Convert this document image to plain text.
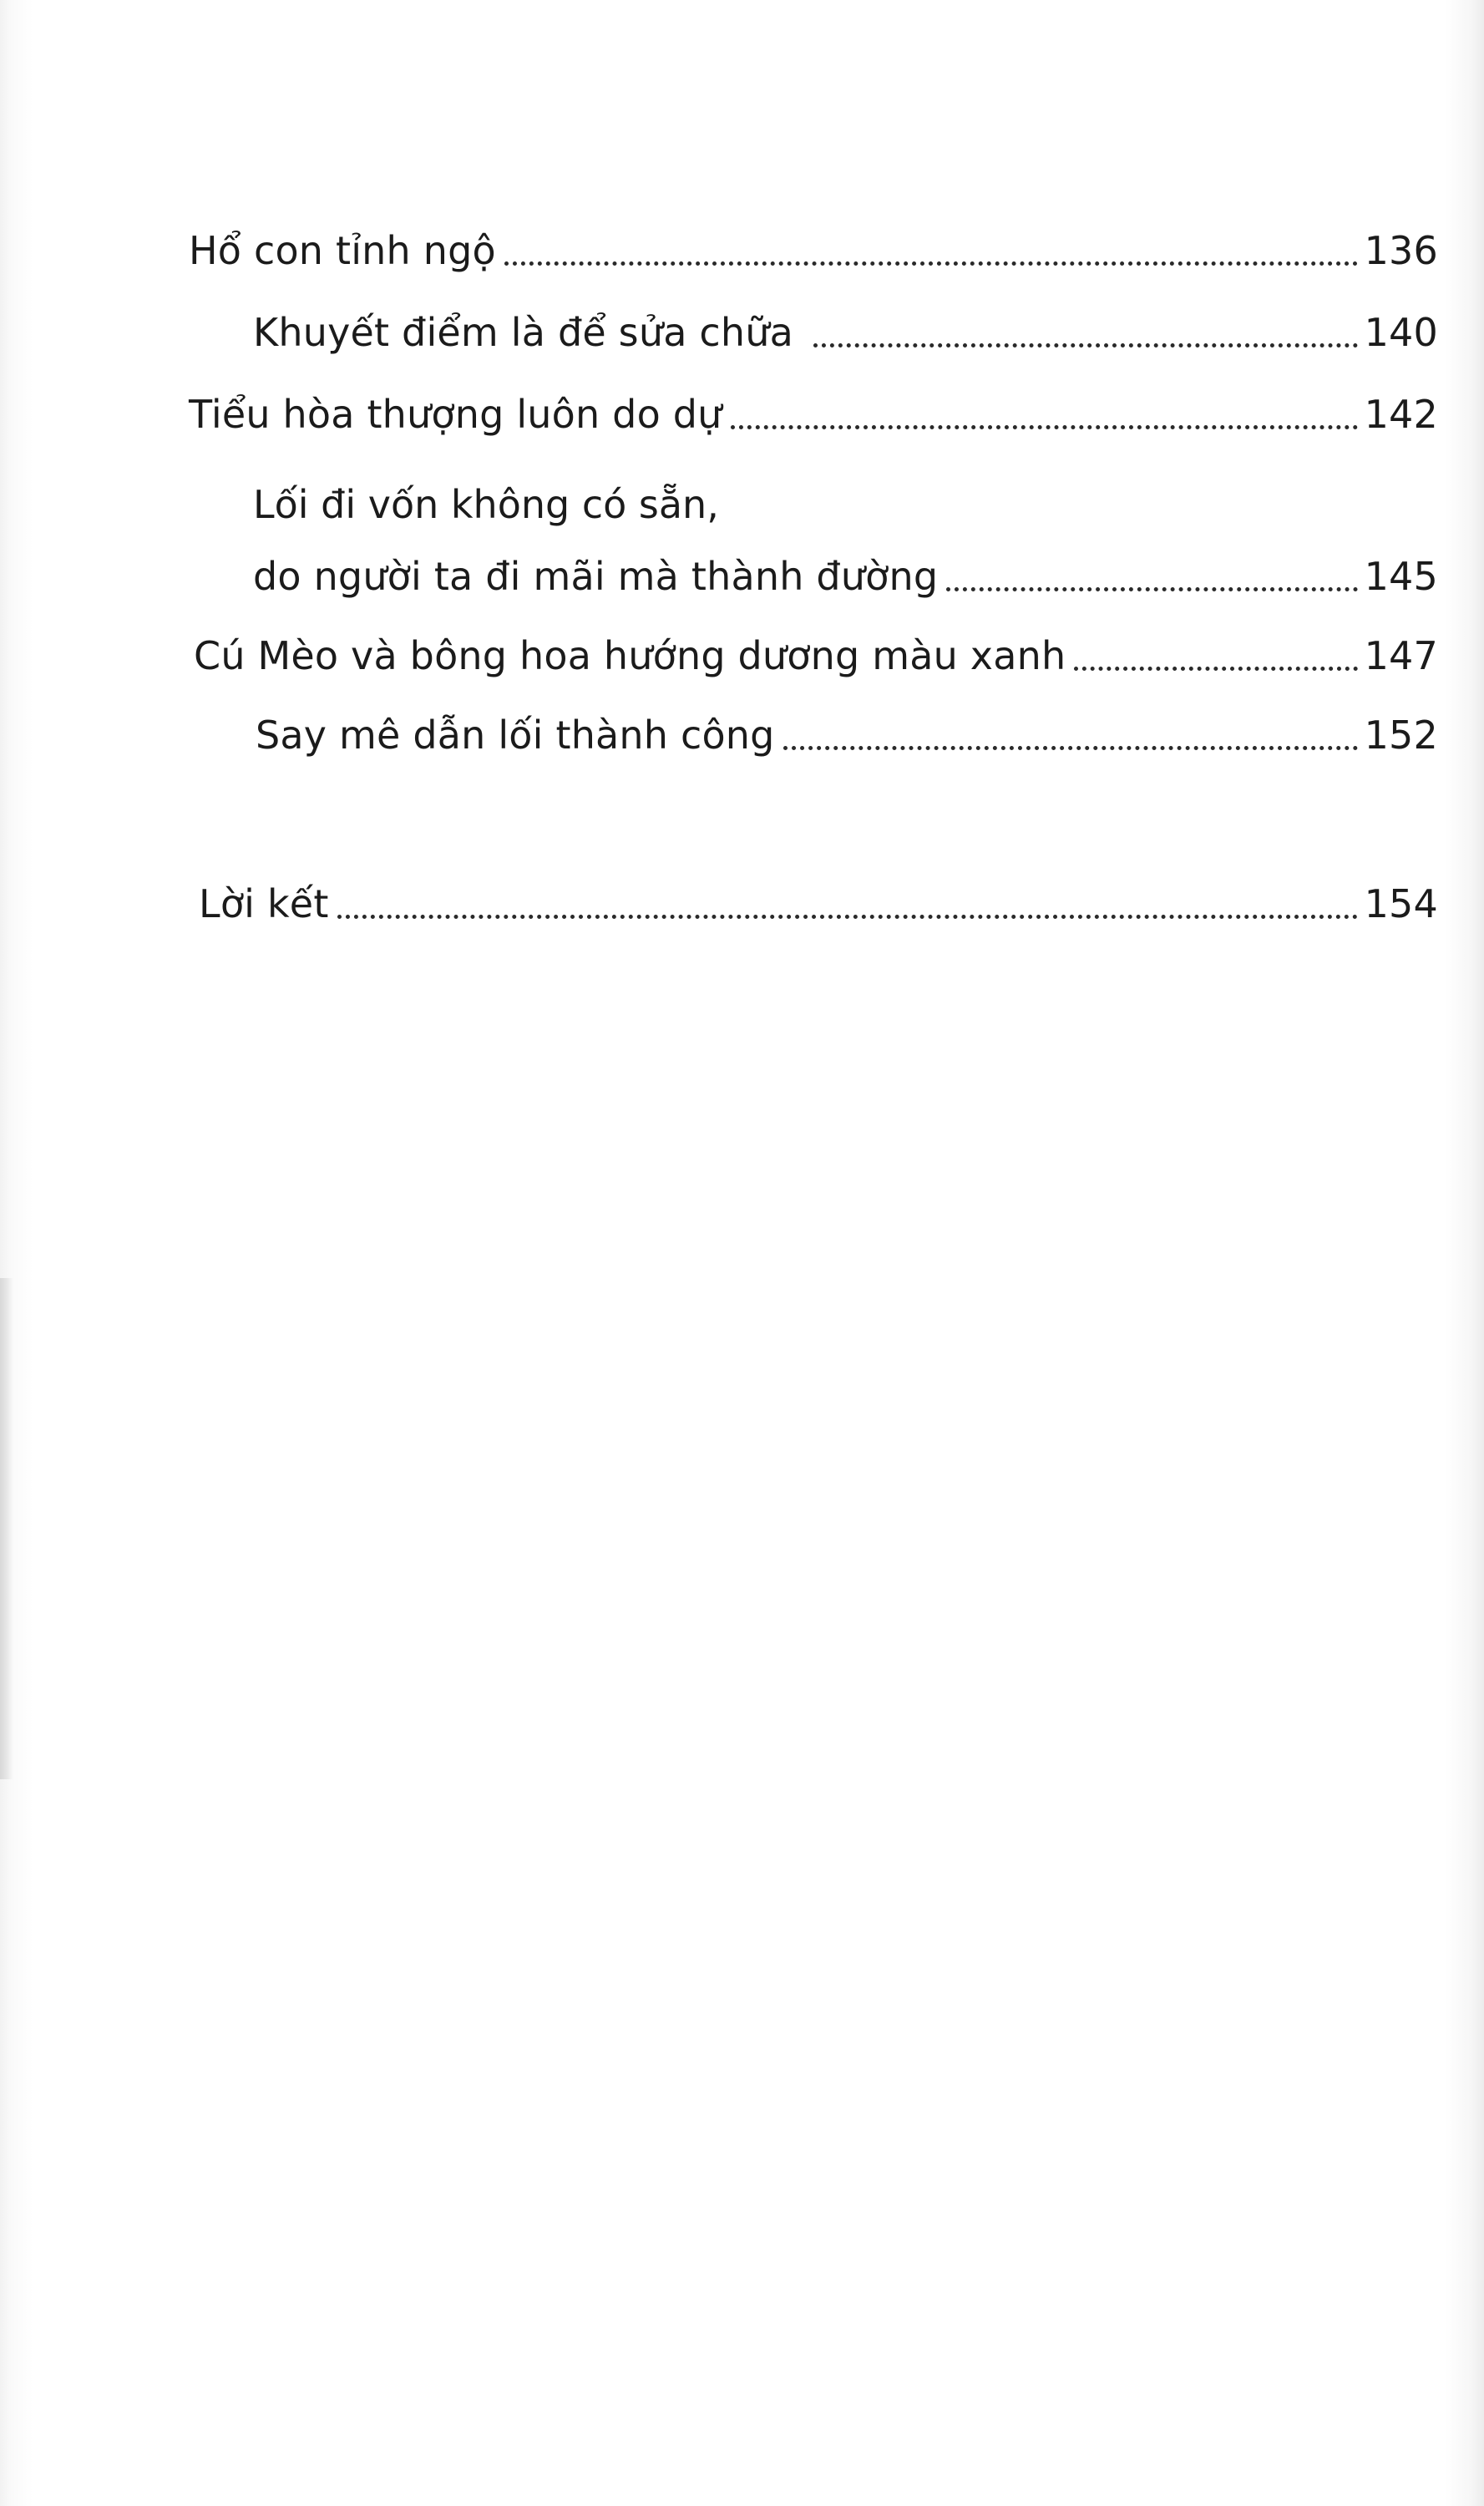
Hổ con tỉnh ngộ	136
Khuyết điểm là để sửa chữa	140
Tiểu hòa thượng luôn do dự	142
Lối đi vốn không có sẵn,
do người ta đi mãi mà thành đường	145
Cú Mèo và bông hoa hướng dương màu xanh	147
Say mê dẫn lối thành công	152
Lời kết	154
